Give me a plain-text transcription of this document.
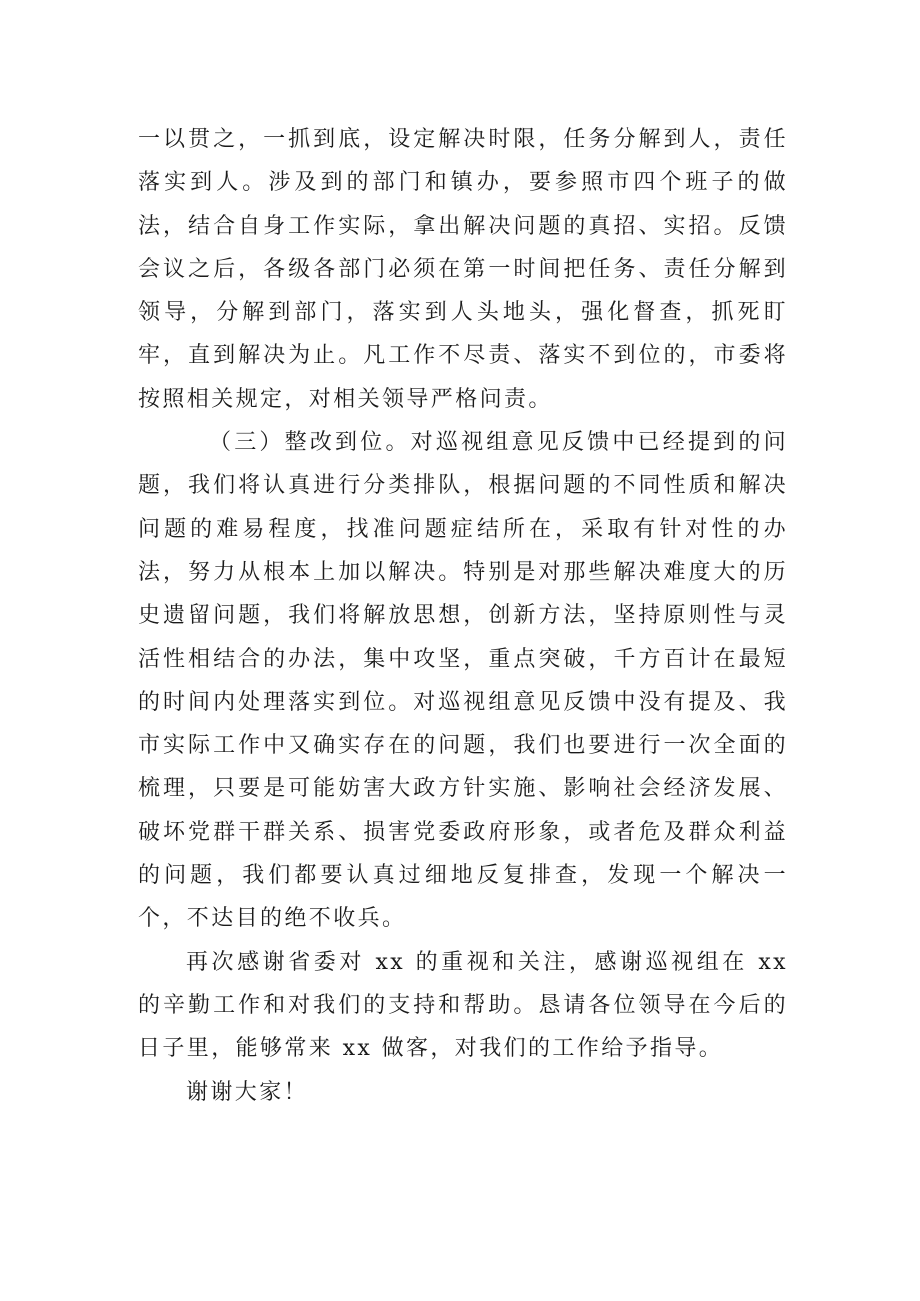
一以贯之，一抓到底，设定解决时限，任务分解到人，责任落实到人。涉及到的部门和镇办，要参照市四个班子的做法，结合自身工作实际，拿出解决问题的真招、实招。反馈会议之后，各级各部门必须在第一时间把任务、责任分解到领导，分解到部门，落实到人头地头，强化督查，抓死盯牢，直到解决为止。凡工作不尽责、落实不到位的，市委将按照相关规定，对相关领导严格问责。

（三）整改到位。对巡视组意见反馈中已经提到的问题，我们将认真进行分类排队，根据问题的不同性质和解决问题的难易程度，找准问题症结所在，采取有针对性的办法，努力从根本上加以解决。特别是对那些解决难度大的历史遗留问题，我们将解放思想，创新方法，坚持原则性与灵活性相结合的办法，集中攻坚，重点突破，千方百计在最短的时间内处理落实到位。对巡视组意见反馈中没有提及、我市实际工作中又确实存在的问题，我们也要进行一次全面的梳理，只要是可能妨害大政方针实施、影响社会经济发展、破坏党群干群关系、损害党委政府形象，或者危及群众利益的问题，我们都要认真过细地反复排查，发现一个解决一个，不达目的绝不收兵。

再次感谢省委对 xx 的重视和关注，感谢巡视组在 xx 的辛勤工作和对我们的支持和帮助。恳请各位领导在今后的日子里，能够常来 xx 做客，对我们的工作给予指导。

谢谢大家！
